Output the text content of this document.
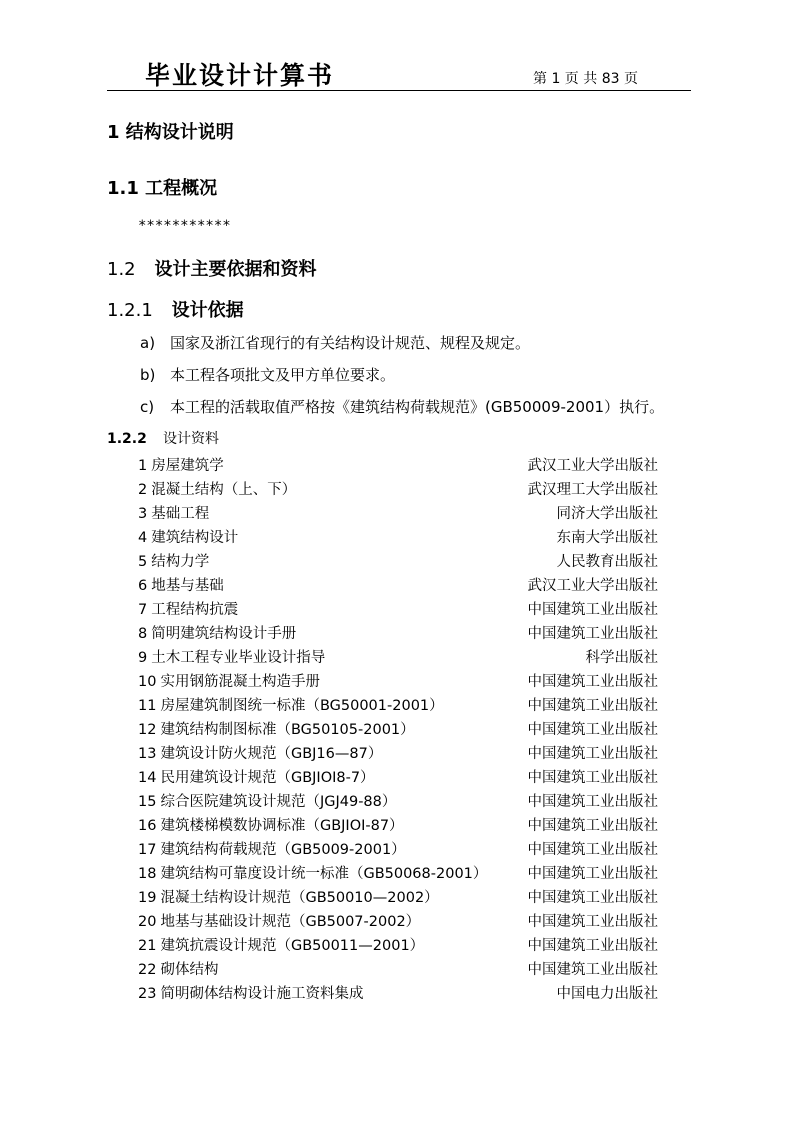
毕业设计计算书	第 1 页 共 83 页
1 结构设计说明
1.1 工程概况
***********
1.2 设计主要依据和资料
1.2.1 设计依据
a) 国家及浙江省现行的有关结构设计规范、规程及规定。
b) 本工程各项批文及甲方单位要求。
c) 本工程的活载取值严格按《建筑结构荷载规范》(GB50009-2001）执行。
1.2.2 设计资料
1 房屋建筑学	武汉工业大学出版社
2 混凝土结构（上、下）	武汉理工大学出版社
3 基础工程	同济大学出版社
4 建筑结构设计	东南大学出版社
5 结构力学	人民教育出版社
6 地基与基础	武汉工业大学出版社
7 工程结构抗震	中国建筑工业出版社
8 简明建筑结构设计手册	中国建筑工业出版社
9 土木工程专业毕业设计指导	科学出版社
10 实用钢筋混凝土构造手册	中国建筑工业出版社
11 房屋建筑制图统一标准（BG50001-2001）	中国建筑工业出版社
12 建筑结构制图标准（BG50105-2001）	中国建筑工业出版社
13 建筑设计防火规范（GBJ16—87）	中国建筑工业出版社
14 民用建筑设计规范（GBJIOI8-7）	中国建筑工业出版社
15 综合医院建筑设计规范（JGJ49-88）	中国建筑工业出版社
16 建筑楼梯模数协调标准（GBJIOI-87）	中国建筑工业出版社
17 建筑结构荷载规范（GB5009-2001）	中国建筑工业出版社
18 建筑结构可靠度设计统一标准（GB50068-2001）	中国建筑工业出版社
19 混凝土结构设计规范（GB50010—2002）	中国建筑工业出版社
20 地基与基础设计规范（GB5007-2002）	中国建筑工业出版社
21 建筑抗震设计规范（GB50011—2001）	中国建筑工业出版社
22 砌体结构	中国建筑工业出版社
23 简明砌体结构设计施工资料集成	中国电力出版社
